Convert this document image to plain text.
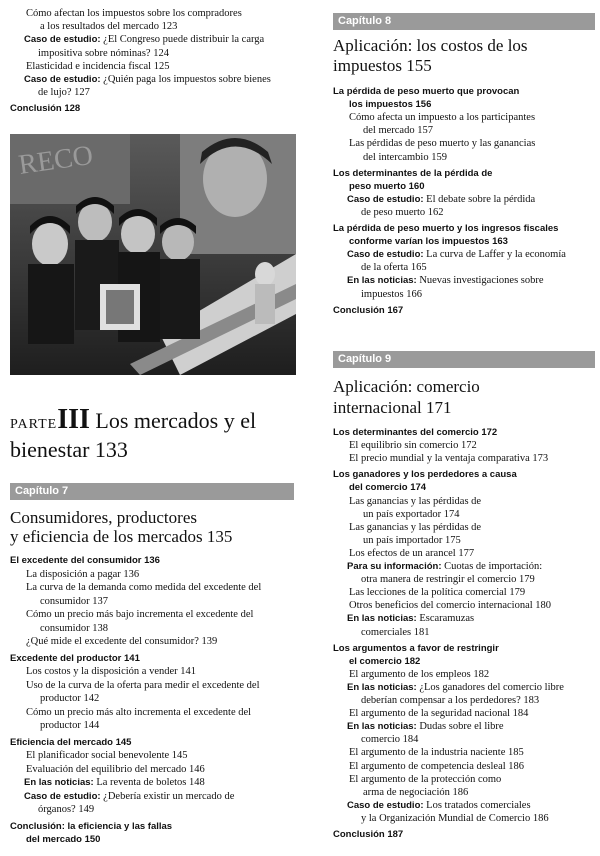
Cómo afectan los impuestos sobre los compradores
a los resultados del mercado 123
Caso de estudio: ¿El Congreso puede distribuir la carga
impositiva sobre nóminas? 124
Elasticidad e incidencia fiscal 125
Caso de estudio: ¿Quién paga los impuestos sobre bienes
de lujo? 127
Conclusión 128
RECO
PARTEIII Los mercados y el
bienestar 133
Capítulo 7
Consumidores, productores
y eficiencia de los mercados 135
El excedente del consumidor 136
La disposición a pagar 136
La curva de la demanda como medida del excedente del
consumidor 137
Cómo un precio más bajo incrementa el excedente del
consumidor 138
¿Qué mide el excedente del consumidor? 139
Excedente del productor 141
Los costos y la disposición a vender 141
Uso de la curva de la oferta para medir el excedente del
productor 142
Cómo un precio más alto incrementa el excedente del
productor 144
Eficiencia del mercado 145
El planificador social benevolente 145
Evaluación del equilibrio del mercado 146
En las noticias: La reventa de boletos 148
Caso de estudio: ¿Debería existir un mercado de
órganos? 149
Conclusión: la eficiencia y las fallas
del mercado 150
Capítulo 8
Aplicación: los costos de los
impuestos 155
La pérdida de peso muerto que provocan
los impuestos 156
Cómo afecta un impuesto a los participantes
del mercado 157
Las pérdidas de peso muerto y las ganancias
del intercambio 159
Los determinantes de la pérdida de
peso muerto 160
Caso de estudio: El debate sobre la pérdida
de peso muerto 162
La pérdida de peso muerto y los ingresos fiscales
conforme varían los impuestos 163
Caso de estudio: La curva de Laffer y la economía
de la oferta 165
En las noticias: Nuevas investigaciones sobre
impuestos 166
Conclusión 167
Capítulo 9
Aplicación: comercio
internacional 171
Los determinantes del comercio 172
El equilibrio sin comercio 172
El precio mundial y la ventaja comparativa 173
Los ganadores y los perdedores a causa
del comercio 174
Las ganancias y las pérdidas de
un país exportador 174
Las ganancias y las pérdidas de
un país importador 175
Los efectos de un arancel 177
Para su información: Cuotas de importación:
otra manera de restringir el comercio 179
Las lecciones de la política comercial 179
Otros beneficios del comercio internacional 180
En las noticias: Escaramuzas
comerciales 181
Los argumentos a favor de restringir
el comercio 182
El argumento de los empleos 182
En las noticias: ¿Los ganadores del comercio libre
deberían compensar a los perdedores? 183
El argumento de la seguridad nacional 184
En las noticias: Dudas sobre el libre
comercio 184
El argumento de la industria naciente 185
El argumento de competencia desleal 186
El argumento de la protección como
arma de negociación 186
Caso de estudio: Los tratados comerciales
y la Organización Mundial de Comercio 186
Conclusión 187
